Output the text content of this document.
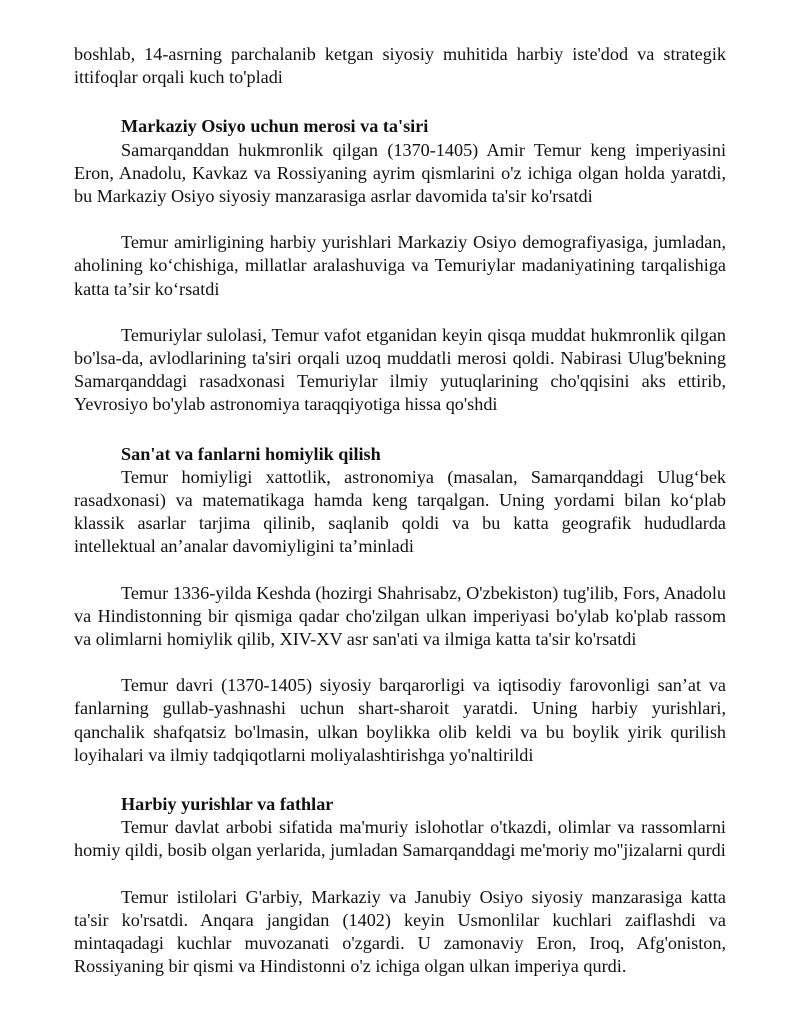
boshlab, 14-asrning parchalanib ketgan siyosiy muhitida harbiy iste'dod va strategik ittifoqlar orqali kuch to'pladi

Markaziy Osiyo uchun merosi va ta'siri

Samarqanddan hukmronlik qilgan (1370-1405) Amir Temur keng imperiyasini Eron, Anadolu, Kavkaz va Rossiyaning ayrim qismlarini o'z ichiga olgan holda yaratdi, bu Markaziy Osiyo siyosiy manzarasiga asrlar davomida ta'sir ko'rsatdi

Temur amirligining harbiy yurishlari Markaziy Osiyo demografiyasiga, jumladan, aholining ko‘chishiga, millatlar aralashuviga va Temuriylar madaniyatining tarqalishiga katta ta’sir ko‘rsatdi

Temuriylar sulolasi, Temur vafot etganidan keyin qisqa muddat hukmronlik qilgan bo'lsa-da, avlodlarining ta'siri orqali uzoq muddatli merosi qoldi. Nabirasi Ulug'bekning Samarqanddagi rasadxonasi Temuriylar ilmiy yutuqlarining cho'qqisini aks ettirib, Yevrosiyo bo'ylab astronomiya taraqqiyotiga hissa qo'shdi

San'at va fanlarni homiylik qilish

Temur homiyligi xattotlik, astronomiya (masalan, Samarqanddagi Ulug‘bek rasadxonasi) va matematikaga hamda keng tarqalgan. Uning yordami bilan ko‘plab klassik asarlar tarjima qilinib, saqlanib qoldi va bu katta geografik hududlarda intellektual an’analar davomiyligini ta’minladi

Temur 1336-yilda Keshda (hozirgi Shahrisabz, O'zbekiston) tug'ilib, Fors, Anadolu va Hindistonning bir qismiga qadar cho'zilgan ulkan imperiyasi bo'ylab ko'plab rassom va olimlarni homiylik qilib, XIV-XV asr san'ati va ilmiga katta ta'sir ko'rsatdi

Temur davri (1370-1405) siyosiy barqarorligi va iqtisodiy farovonligi san’at va fanlarning gullab-yashnashi uchun shart-sharoit yaratdi. Uning harbiy yurishlari, qanchalik shafqatsiz bo'lmasin, ulkan boylikka olib keldi va bu boylik yirik qurilish loyihalari va ilmiy tadqiqotlarni moliyalashtirishga yo'naltirildi

Harbiy yurishlar va fathlar

Temur davlat arbobi sifatida ma'muriy islohotlar o'tkazdi, olimlar va rassomlarni homiy qildi, bosib olgan yerlarida, jumladan Samarqanddagi me'moriy mo''jizalarni qurdi

Temur istilolari G'arbiy, Markaziy va Janubiy Osiyo siyosiy manzarasiga katta ta'sir ko'rsatdi. Anqara jangidan (1402) keyin Usmonlilar kuchlari zaiflashdi va mintaqadagi kuchlar muvozanati o'zgardi. U zamonaviy Eron, Iroq, Afg'oniston, Rossiyaning bir qismi va Hindistonni o'z ichiga olgan ulkan imperiya qurdi.
